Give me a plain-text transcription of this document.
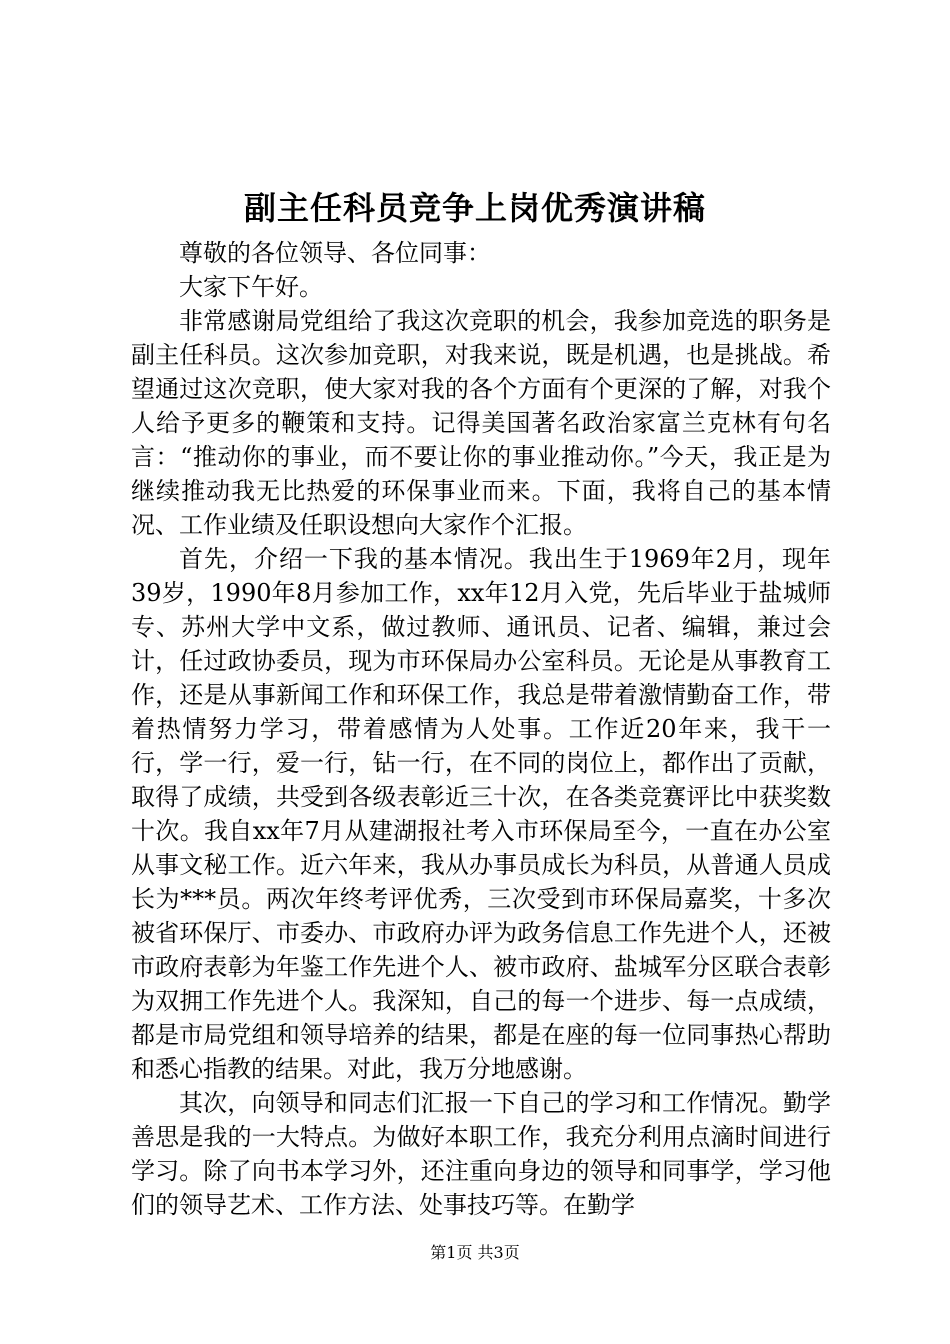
副主任科员竞争上岗优秀演讲稿

尊敬的各位领导、各位同事：

大家下午好。

非常感谢局党组给了我这次竞职的机会，我参加竞选的职务是副主任科员。这次参加竞职，对我来说，既是机遇，也是挑战。希望通过这次竞职，使大家对我的各个方面有个更深的了解，对我个人给予更多的鞭策和支持。记得美国著名政治家富兰克林有句名言：“推动你的事业，而不要让你的事业推动你。”今天，我正是为继续推动我无比热爱的环保事业而来。下面，我将自己的基本情况、工作业绩及任职设想向大家作个汇报。

首先，介绍一下我的基本情况。我出生于1969年2月，现年39岁，1990年8月参加工作，xx年12月入党，先后毕业于盐城师专、苏州大学中文系，做过教师、通讯员、记者、编辑，兼过会计，任过政协委员，现为市环保局办公室科员。无论是从事教育工作，还是从事新闻工作和环保工作，我总是带着激情勤奋工作，带着热情努力学习，带着感情为人处事。工作近20年来，我干一行，学一行，爱一行，钻一行，在不同的岗位上，都作出了贡献，取得了成绩，共受到各级表彰近三十次，在各类竞赛评比中获奖数十次。我自xx年7月从建湖报社考入市环保局至今，一直在办公室从事文秘工作。近六年来，我从办事员成长为科员，从普通人员成长为***员。两次年终考评优秀，三次受到市环保局嘉奖，十多次被省环保厅、市委办、市政府办评为政务信息工作先进个人，还被市政府表彰为年鉴工作先进个人、被市政府、盐城军分区联合表彰为双拥工作先进个人。我深知，自己的每一个进步、每一点成绩，都是市局党组和领导培养的结果，都是在座的每一位同事热心帮助和悉心指教的结果。对此，我万分地感谢。

其次，向领导和同志们汇报一下自己的学习和工作情况。勤学善思是我的一大特点。为做好本职工作，我充分利用点滴时间进行学习。除了向书本学习外，还注重向身边的领导和同事学，学习他们的领导艺术、工作方法、处事技巧等。在勤学

第1页 共3页
